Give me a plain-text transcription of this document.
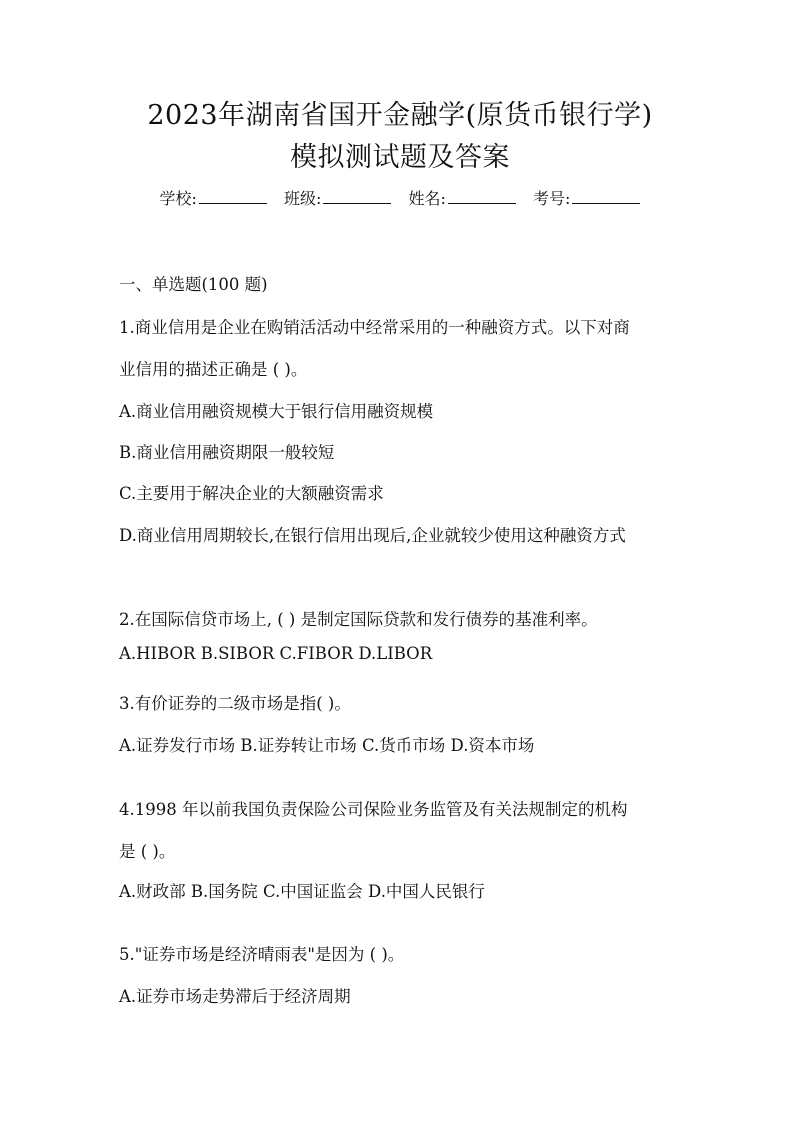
2023年湖南省国开金融学(原货币银行学)
模拟测试题及答案
学校:	班级:	姓名:	考号:
一、单选题(100 题)
1.商业信用是企业在购销活活动中经常采用的一种融资方式。以下对商
业信用的描述正确是 ( )。
A.商业信用融资规模大于银行信用融资规模
B.商业信用融资期限一般较短
C.主要用于解决企业的大额融资需求
D.商业信用周期较长,在银行信用出现后,企业就较少使用这种融资方式
2.在国际信贷市场上, ( ) 是制定国际贷款和发行债券的基准利率。
A.HIBOR B.SIBOR C.FIBOR D.LIBOR
3.有价证券的二级市场是指( )。
A.证券发行市场 B.证券转让市场 C.货币市场 D.资本市场
4.1998 年以前我国负责保险公司保险业务监管及有关法规制定的机构
是 ( )。
A.财政部 B.国务院 C.中国证监会 D.中国人民银行
5."证券市场是经济晴雨表"是因为 ( )。
A.证券市场走势滞后于经济周期
